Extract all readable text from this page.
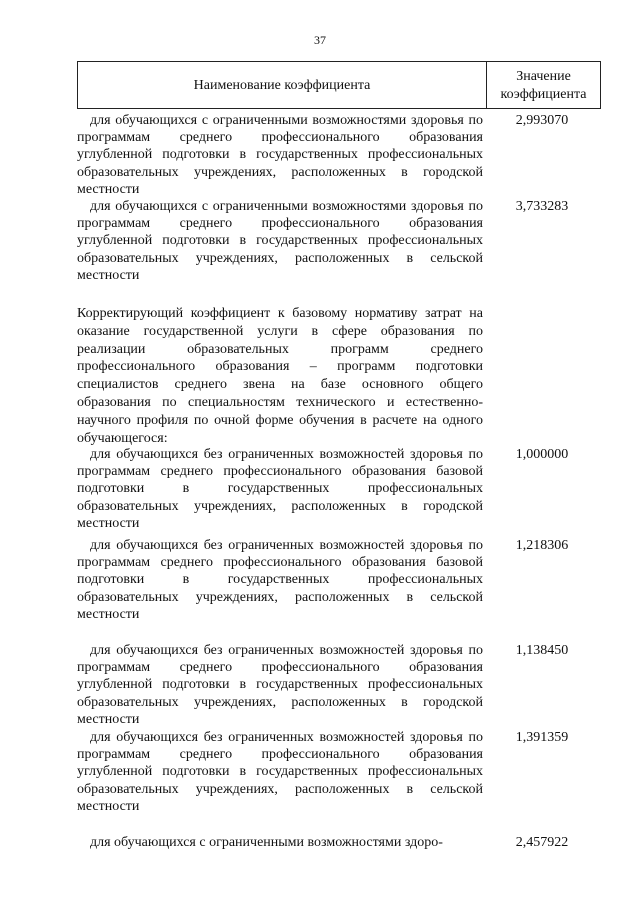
37
Наименование коэффициента
Значение
коэффициента
для обучающихся с ограниченными возможностями здоровья по программам среднего профессионального образования углубленной подготовки в государственных профессиональных образовательных учреждениях, расположенных в городской местности
2,993070
для обучающихся с ограниченными возможностями здоровья по программам среднего профессионального образования углубленной подготовки в государственных профессиональных образовательных учреждениях, расположенных в сельской местности
3,733283
Корректирующий коэффициент к базовому нормативу затрат на оказание государственной услуги в сфере образования по реализации образовательных программ среднего профессионального образования – программ подготовки специалистов среднего звена на базе основного общего образования по специальностям технического и естественно-научного профиля по очной форме обучения в расчете на одного обучающегося:
для обучающихся без ограниченных возможностей здоровья по программам среднего профессионального образования базовой подготовки в государственных профессиональных образовательных учреждениях, расположенных в городской местности
1,000000
для обучающихся без ограниченных возможностей здоровья по программам среднего профессионального образования базовой подготовки в государственных профессиональных образовательных учреждениях, расположенных в сельской местности
1,218306
для обучающихся без ограниченных возможностей здоровья по программам среднего профессионального образования углубленной подготовки в государственных профессиональных образовательных учреждениях, расположенных в городской местности
1,138450
для обучающихся без ограниченных возможностей здоровья по программам среднего профессионального образования углубленной подготовки в государственных профессиональных образовательных учреждениях, расположенных в сельской местности
1,391359
для обучающихся с ограниченными возможностями здоро-	2,457922
